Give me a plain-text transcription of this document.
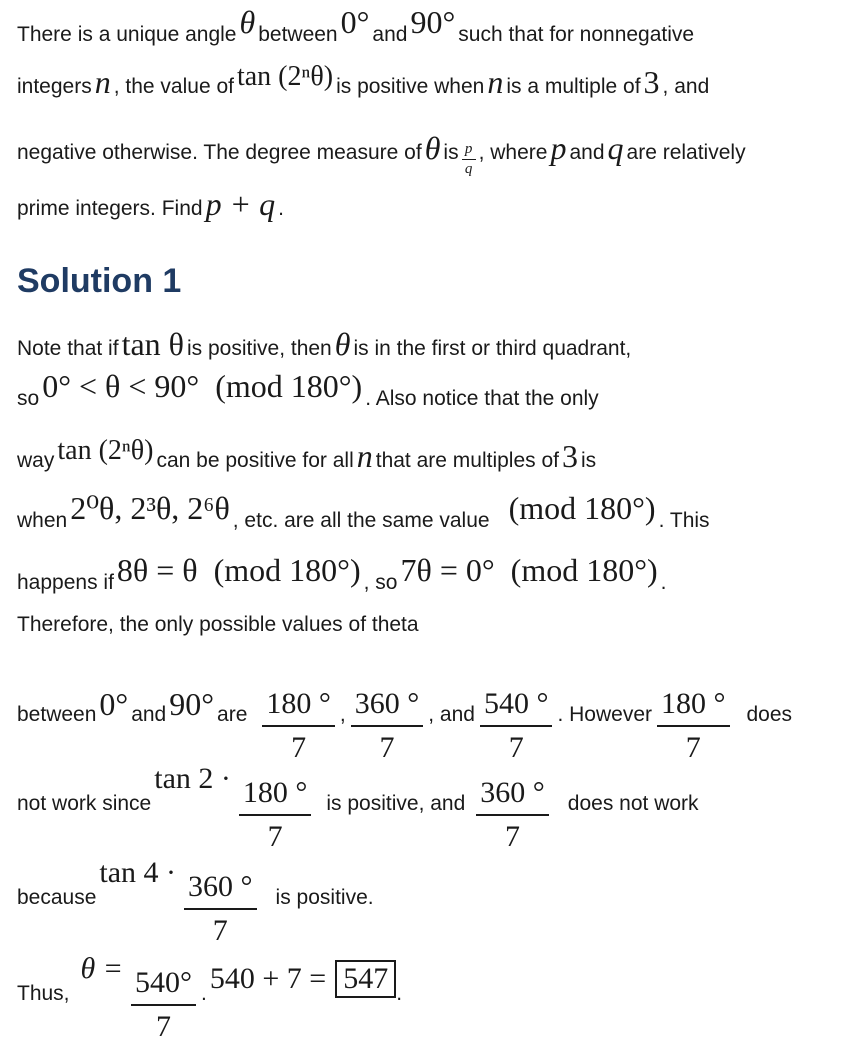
There is a unique angle θ between 0° and 90° such that for nonnegative
integers n , the value of tan (2ⁿθ) is positive when n is a multiple of 3 , and
negative otherwise. The degree measure of θ is p
q
, where p and q are relatively
prime integers. Find p + q .
Solution 1
Note that if tan θ is positive, then θ is in the first or third quadrant,
so 0° < θ < 90°  (mod 180°) . Also notice that the only
way tan (2ⁿθ) can be positive for all n that are multiples of 3 is
when 2⁰θ, 2³θ, 2⁶θ , etc. are all the same value (mod 180°) . This
happens if 8θ = θ  (mod 180°) , so 7θ = 0°  (mod 180°) .
Therefore, the only possible values of theta
between 0° and 90° are $\frac{180 ^\circ}{7}$ , $\frac{360 ^\circ}{7}$ , and $\frac{540 ^\circ}{7}$ . However $\frac{180 ^\circ}{7}$ does
not work since
$\tan 2 \cdot \frac{180 ^\circ}{7}$ is positive, and $\frac{360 ^\circ}{7}$ does not work
because
$\tan 4 \cdot \frac{360 ^\circ}{7}$ is positive.
Thus,
$\theta = \frac{540^\circ}{7}$ . 540 + 7 = 547 .
